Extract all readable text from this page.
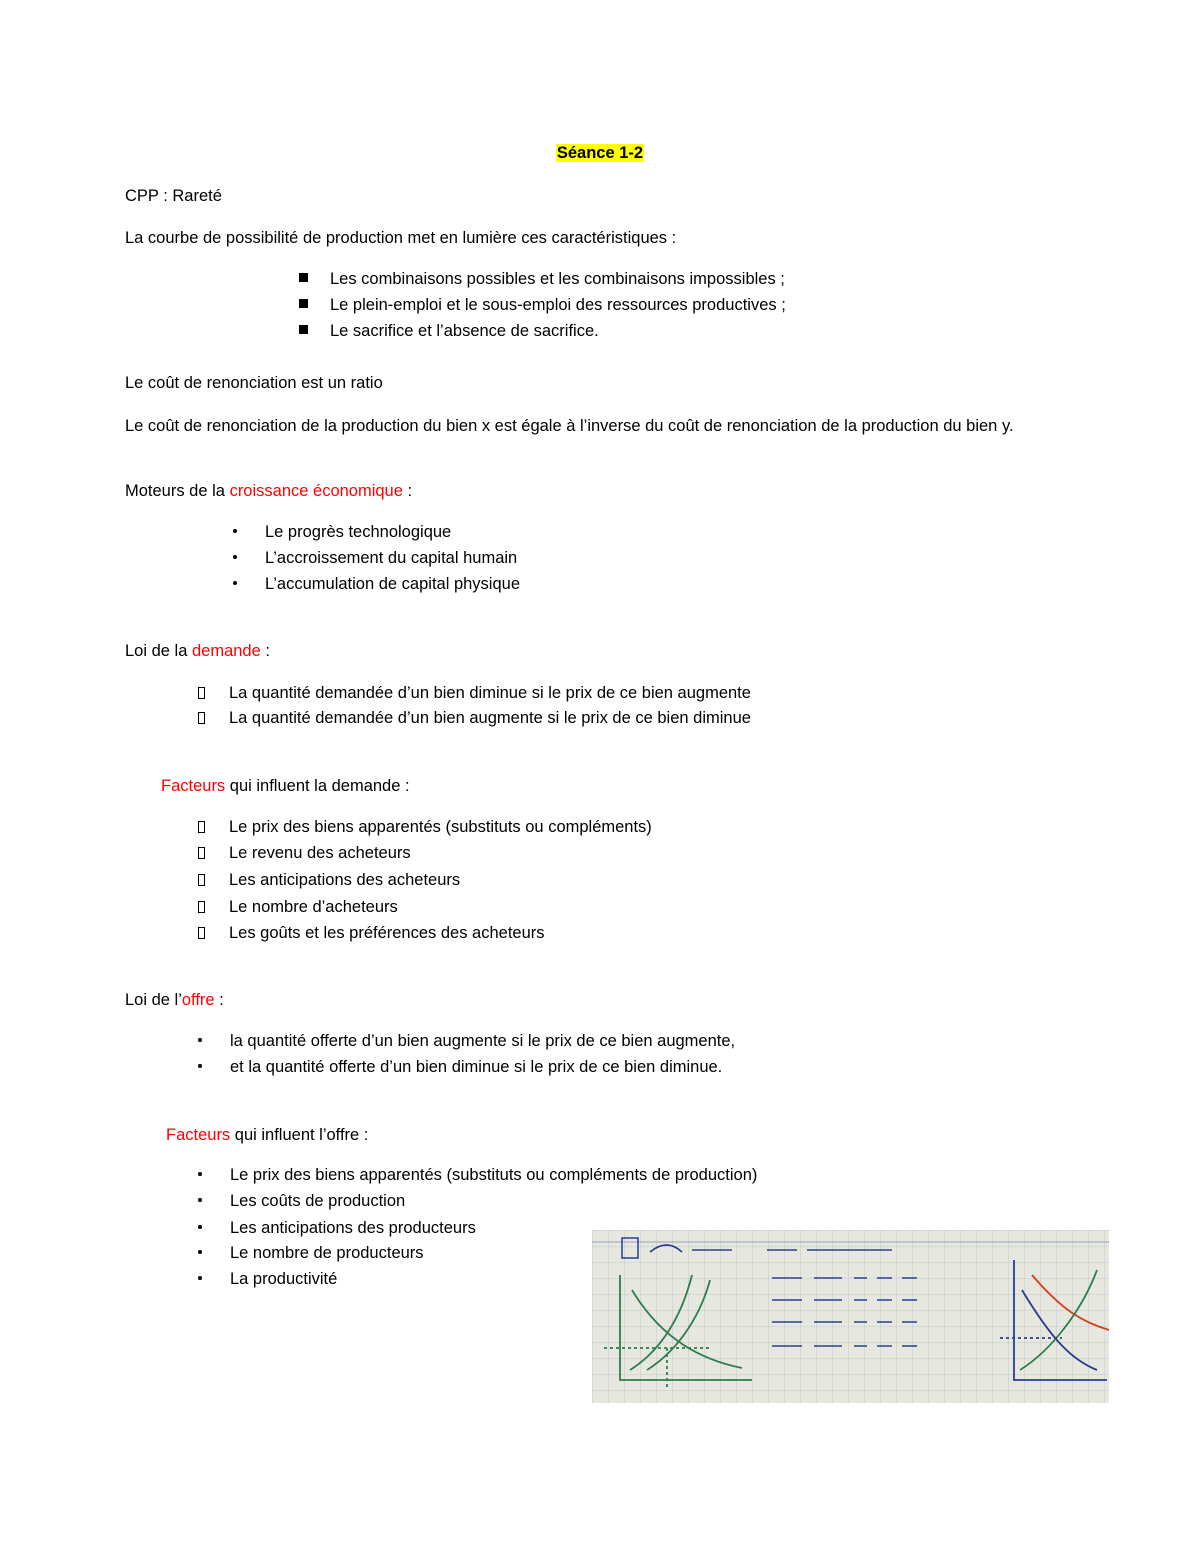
Séance 1-2
CPP : Rareté
La courbe de possibilité de production met en lumière ces caractéristiques :
Les combinaisons possibles et les combinaisons impossibles ;
Le plein-emploi et le sous-emploi des ressources productives ;
Le sacrifice et l’absence de sacrifice.
Le coût de renonciation est un ratio
Le coût de renonciation de la production du bien x est égale à l’inverse du coût de renonciation de la production du bien y.
Moteurs de la croissance économique :
Le progrès technologique
L’accroissement du capital humain
L’accumulation de capital physique
Loi de la demande :
La quantité demandée d’un bien diminue si le prix de ce bien augmente
La quantité demandée d’un bien augmente si le prix de ce bien diminue
Facteurs qui influent la demande :
Le prix des biens apparentés (substituts ou compléments)
Le revenu des acheteurs
Les anticipations des acheteurs
Le nombre d’acheteurs
Les goûts et les préférences des acheteurs
Loi de l’offre :
la quantité offerte d’un bien augmente si le prix de ce bien augmente,
et la quantité offerte d’un bien diminue si le prix de ce bien diminue.
Facteurs qui influent l’offre :
Le prix des biens apparentés (substituts ou compléments de production)
Les coûts de production
Les anticipations des producteurs
Le nombre de producteurs
La productivité
